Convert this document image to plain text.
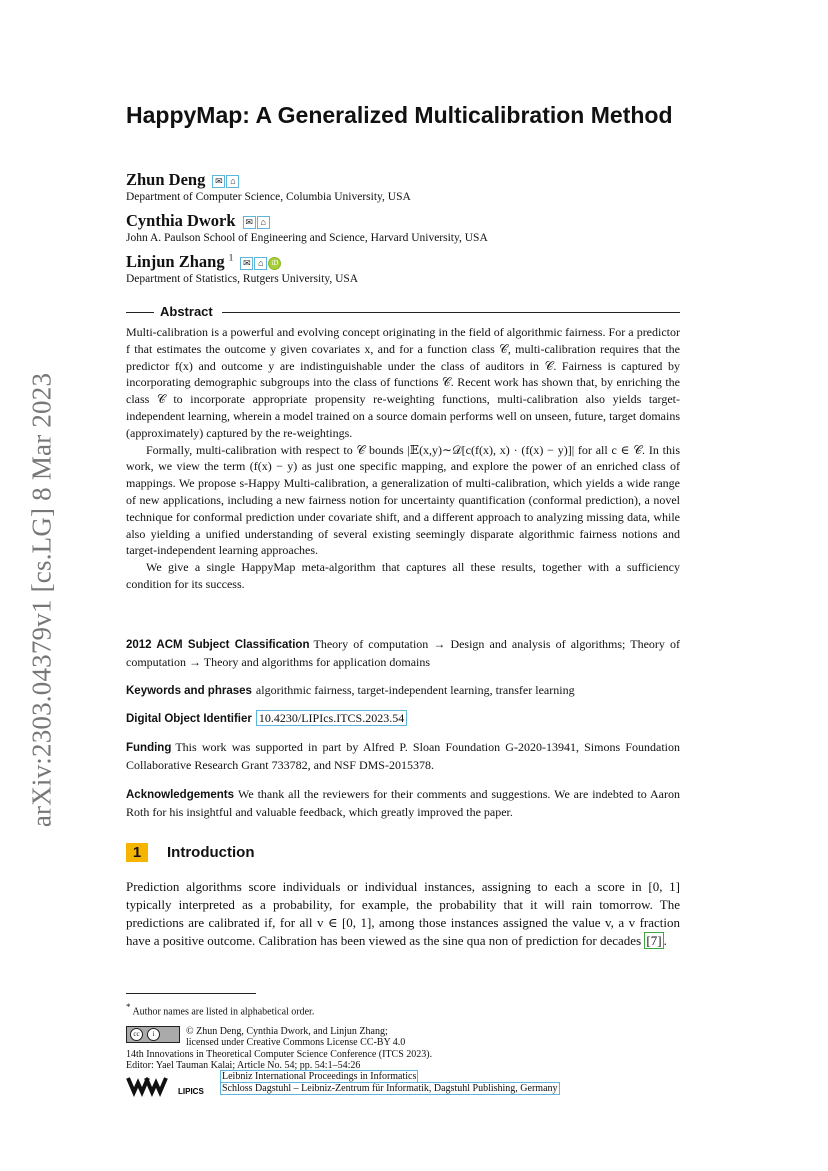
arXiv:2303.04379v1 [cs.LG] 8 Mar 2023
HappyMap: A Generalized Multicalibration Method
Zhun Deng	✉ ⌂
Department of Computer Science, Columbia University, USA
Cynthia Dwork	✉ ⌂
John A. Paulson School of Engineering and Science, Harvard University, USA
Linjun Zhang $^1$
✉ ⌂	iD
Department of Statistics, Rutgers University, USA
Abstract

Multi-calibration is a powerful and evolving concept originating in the field of algorithmic fairness. For a predictor f that estimates the outcome y given covariates x, and for a function class 𝒞, multi-calibration requires that the predictor f(x) and outcome y are indistinguishable under the class of auditors in 𝒞. Fairness is captured by incorporating demographic subgroups into the class of functions 𝒞. Recent work has shown that, by enriching the class 𝒞 to incorporate appropriate propensity re-weighting functions, multi-calibration also yields target-independent learning, wherein a model trained on a source domain performs well on unseen, future, target domains (approximately) captured by the re-weightings.

Formally, multi-calibration with respect to 𝒞 bounds |𝔼(x,y)∼𝒟[c(f(x), x) · (f(x) − y)]| for all c ∈ 𝒞. In this work, we view the term (f(x) − y) as just one specific mapping, and explore the power of an enriched class of mappings. We propose s-Happy Multi-calibration, a generalization of multi-calibration, which yields a wide range of new applications, including a new fairness notion for uncertainty quantification (conformal prediction), a novel technique for conformal prediction under covariate shift, and a different approach to analyzing missing data, while also yielding a unified understanding of several existing seemingly disparate algorithmic fairness notions and target-independent learning approaches.

We give a single HappyMap meta-algorithm that captures all these results, together with a sufficiency condition for its success.

2012 ACM Subject Classification Theory of computation → Design and analysis of algorithms; Theory of computation → Theory and algorithms for application domains
Keywords and phrases algorithmic fairness, target-independent learning, transfer learning
Digital Object Identifier 10.4230/LIPIcs.ITCS.2023.54
Funding This work was supported in part by Alfred P. Sloan Foundation G-2020-13941, Simons Foundation Collaborative Research Grant 733782, and NSF DMS-2015378.
Acknowledgements We thank all the reviewers for their comments and suggestions. We are indebted to Aaron Roth for his insightful and valuable feedback, which greatly improved the paper.
1	Introduction
Prediction algorithms score individuals or individual instances, assigning to each a score in [0, 1] typically interpreted as a probability, for example, the probability that it will rain tomorrow. The predictions are calibrated if, for all v ∈ [0, 1], among those instances assigned the value v, a v fraction have a positive outcome. Calibration has been viewed as the sine qua non of prediction for decades [7] .
* Author names are listed in alphabetical order.
cc	i	© Zhun Deng, Cynthia Dwork, and Linjun Zhang;
licensed under Creative Commons License CC-BY 4.0
14th Innovations in Theoretical Computer Science Conference (ITCS 2023).
Editor: Yael Tauman Kalai; Article No. 54; pp. 54:1–54:26
LIPICS
Leibniz International Proceedings in Informatics
Schloss Dagstuhl – Leibniz-Zentrum für Informatik, Dagstuhl Publishing, Germany
